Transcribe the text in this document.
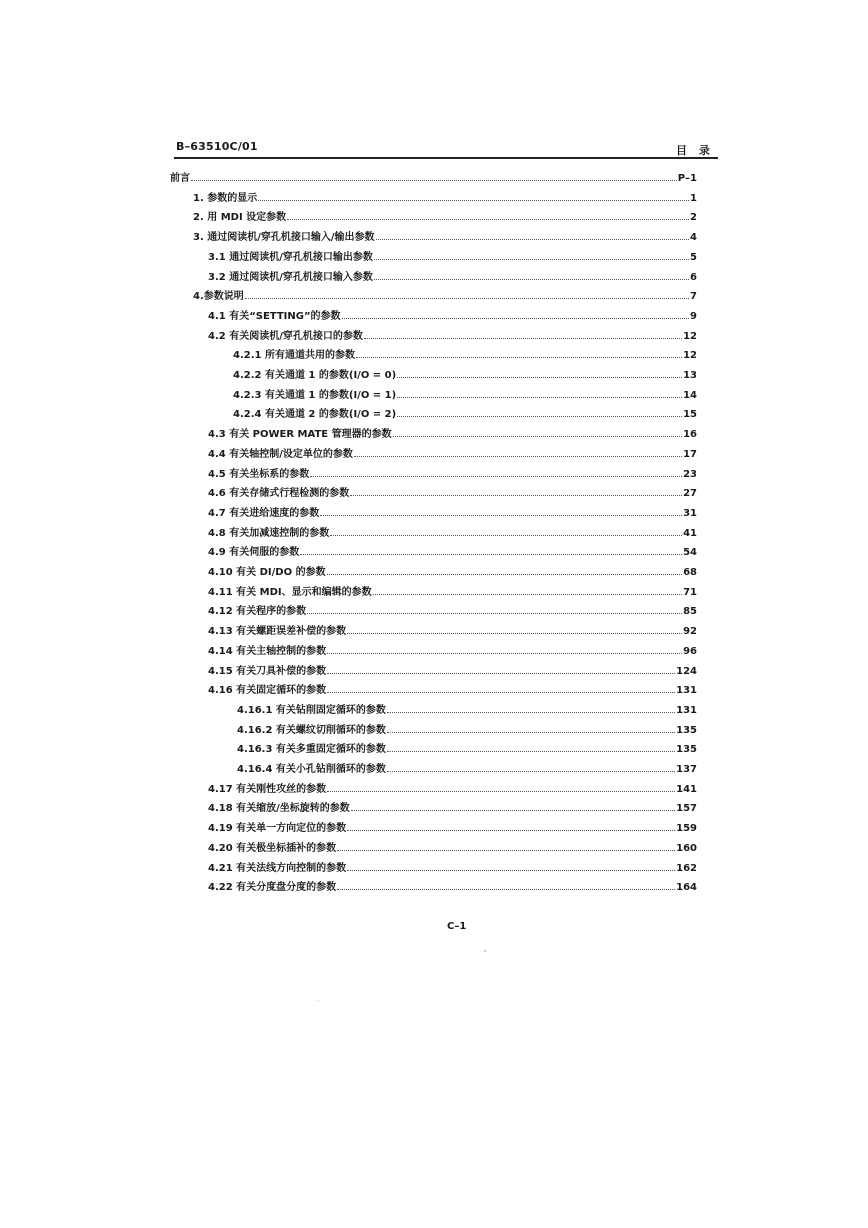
B–63510C/01	目 录
前言	P–1
1. 参数的显示	1
2. 用 MDI 设定参数	2
3. 通过阅读机/穿孔机接口输入/输出参数	4
3.1 通过阅读机/穿孔机接口输出参数	5
3.2 通过阅读机/穿孔机接口输入参数	6
4.参数说明	7
4.1 有关“SETTING”的参数	9
4.2 有关阅读机/穿孔机接口的参数	12
4.2.1 所有通道共用的参数	12
4.2.2 有关通道 1 的参数(I/O = 0)	13
4.2.3 有关通道 1 的参数(I/O = 1)	14
4.2.4 有关通道 2 的参数(I/O = 2)	15
4.3 有关 POWER MATE 管理器的参数	16
4.4 有关轴控制/设定单位的参数	17
4.5 有关坐标系的参数	23
4.6 有关存储式行程检测的参数	27
4.7 有关进给速度的参数	31
4.8 有关加减速控制的参数	41
4.9 有关伺服的参数	54
4.10 有关 DI/DO 的参数	68
4.11 有关 MDI、显示和编辑的参数	71
4.12 有关程序的参数	85
4.13 有关螺距误差补偿的参数	92
4.14 有关主轴控制的参数	96
4.15 有关刀具补偿的参数	124
4.16 有关固定循环的参数	131
4.16.1 有关钻削固定循环的参数	131
4.16.2 有关螺纹切削循环的参数	135
4.16.3 有关多重固定循环的参数	135
4.16.4 有关小孔钻削循环的参数	137
4.17 有关刚性攻丝的参数	141
4.18 有关缩放/坐标旋转的参数	157
4.19 有关单一方向定位的参数	159
4.20 有关极坐标插补的参数	160
4.21 有关法线方向控制的参数	162
4.22 有关分度盘分度的参数	164
C–1
